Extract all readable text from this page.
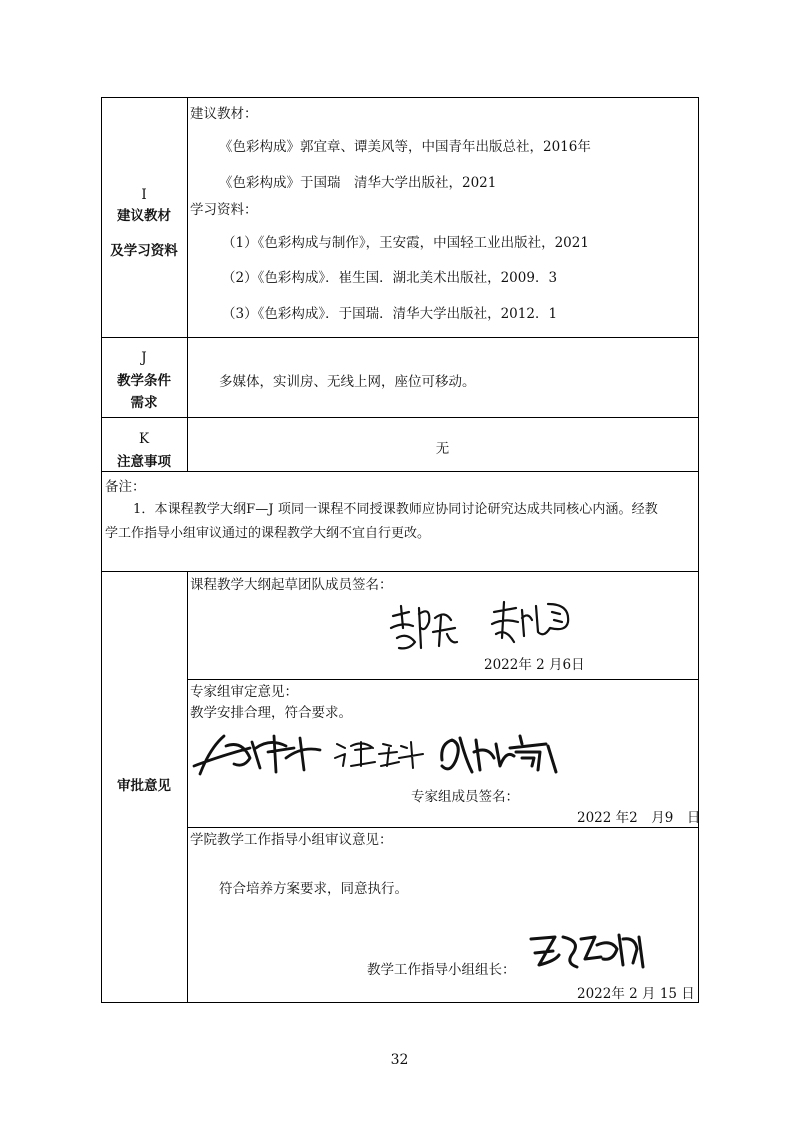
I
建议教材
及学习资料
建议教材：
《色彩构成》郭宜章、谭美风等，中国青年出版总社，2016年
《色彩构成》于国瑞　清华大学出版社，2021
学习资料：
（1）《色彩构成与制作》，王安霞，中国轻工业出版社，2021
（2）《色彩构成》．崔生国．湖北美术出版社，2009．3
（3）《色彩构成》．于国瑞．清华大学出版社，2012．1
J
教学条件
需求
多媒体，实训房、无线上网，座位可移动。
K
注意事项
无
备注：
1．本课程教学大纲F—J 项同一课程不同授课教师应协同讨论研究达成共同核心内涵。经教
学工作指导小组审议通过的课程教学大纲不宜自行更改。
审批意见
课程教学大纲起草团队成员签名：
2022年 2 月6日
专家组审定意见：
教学安排合理，符合要求。
专家组成员签名：
2022 年2　月9　日
学院教学工作指导小组审议意见：
符合培养方案要求，同意执行。
教学工作指导小组组长：
2022年 2 月 15 日
32
